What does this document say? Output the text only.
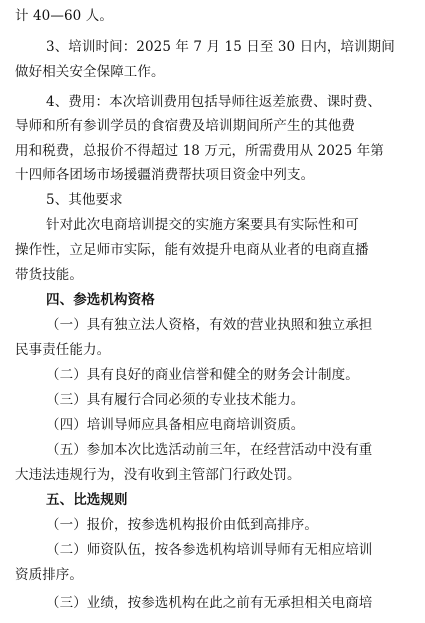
计 40—60 人。
3、培训时间：2025 年 7 月 15 日至 30 日内，培训期间
做好相关安全保障工作。
4、费用：本次培训费用包括导师往返差旅费、课时费、
导师和所有参训学员的食宿费及培训期间所产生的其他费
用和税费，总报价不得超过 18 万元，所需费用从 2025 年第
十四师各团场市场援疆消费帮扶项目资金中列支。
5、其他要求
针对此次电商培训提交的实施方案要具有实际性和可
操作性，立足师市实际，能有效提升电商从业者的电商直播
带货技能。
四、参选机构资格
（一）具有独立法人资格，有效的营业执照和独立承担
民事责任能力。
（二）具有良好的商业信誉和健全的财务会计制度。
（三）具有履行合同必须的专业技术能力。
（四）培训导师应具备相应电商培训资质。
（五）参加本次比选活动前三年，在经营活动中没有重
大违法违规行为，没有收到主管部门行政处罚。
五、比选规则
（一）报价，按参选机构报价由低到高排序。
（二）师资队伍，按各参选机构培训导师有无相应培训
资质排序。
（三）业绩，按参选机构在此之前有无承担相关电商培
